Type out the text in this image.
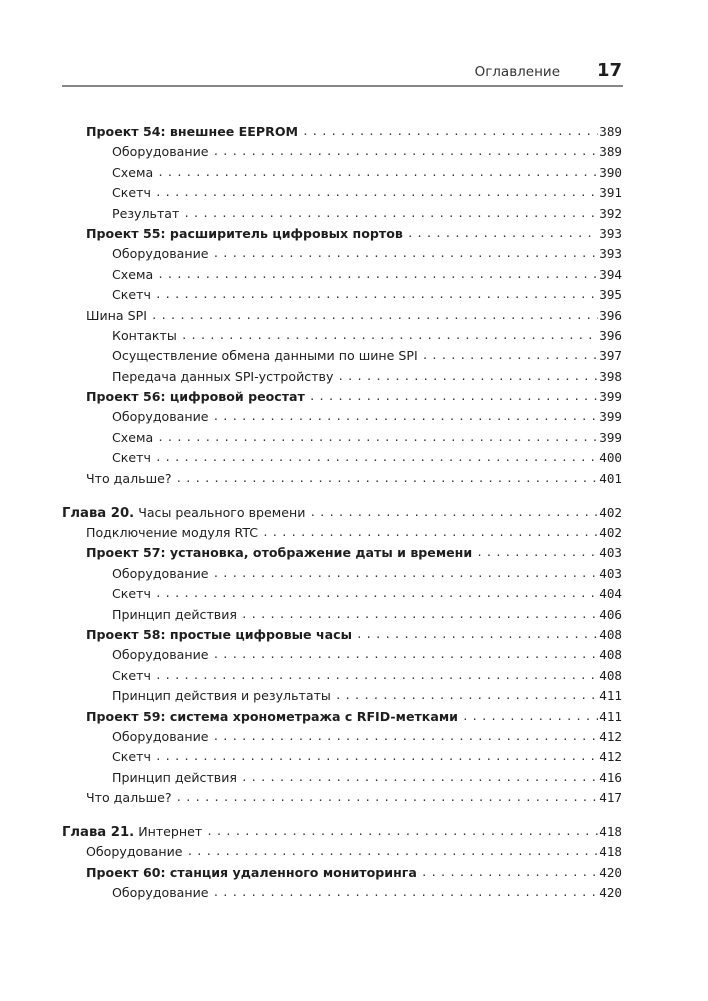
Оглавление 17
Проект 54: внешнее EEPROM . . .	389
Оборудование . . .	389
Схема . . .	390
Скетч . . .	391
Результат . . .	392
Проект 55: расширитель цифровых портов . . .	393
Оборудование . . .	393
Схема . . .	394
Скетч . . .	395
Шина SPI . . .	396
Контакты . . .	396
Осуществление обмена данными по шине SPI . . .	397
Передача данных SPI-устройству . . .	398
Проект 56: цифровой реостат . . .	399
Оборудование . . .	399
Схема . . .	399
Скетч . . .	400
Что дальше? . . .	401
Глава 20. Часы реального времени . . .	402
Подключение модуля RTC . . .	402
Проект 57: установка, отображение даты и времени . . .	403
Оборудование . . .	403
Скетч . . .	404
Принцип действия . . .	406
Проект 58: простые цифровые часы . . .	408
Оборудование . . .	408
Скетч . . .	408
Принцип действия и результаты . . .	411
Проект 59: система хронометража с RFID-метками . . .	411
Оборудование . . .	412
Скетч . . .	412
Принцип действия . . .	416
Что дальше? . . .	417
Глава 21. Интернет . . .	418
Оборудование . . .	418
Проект 60: станция удаленного мониторинга . . .	420
Оборудование . . .	420
